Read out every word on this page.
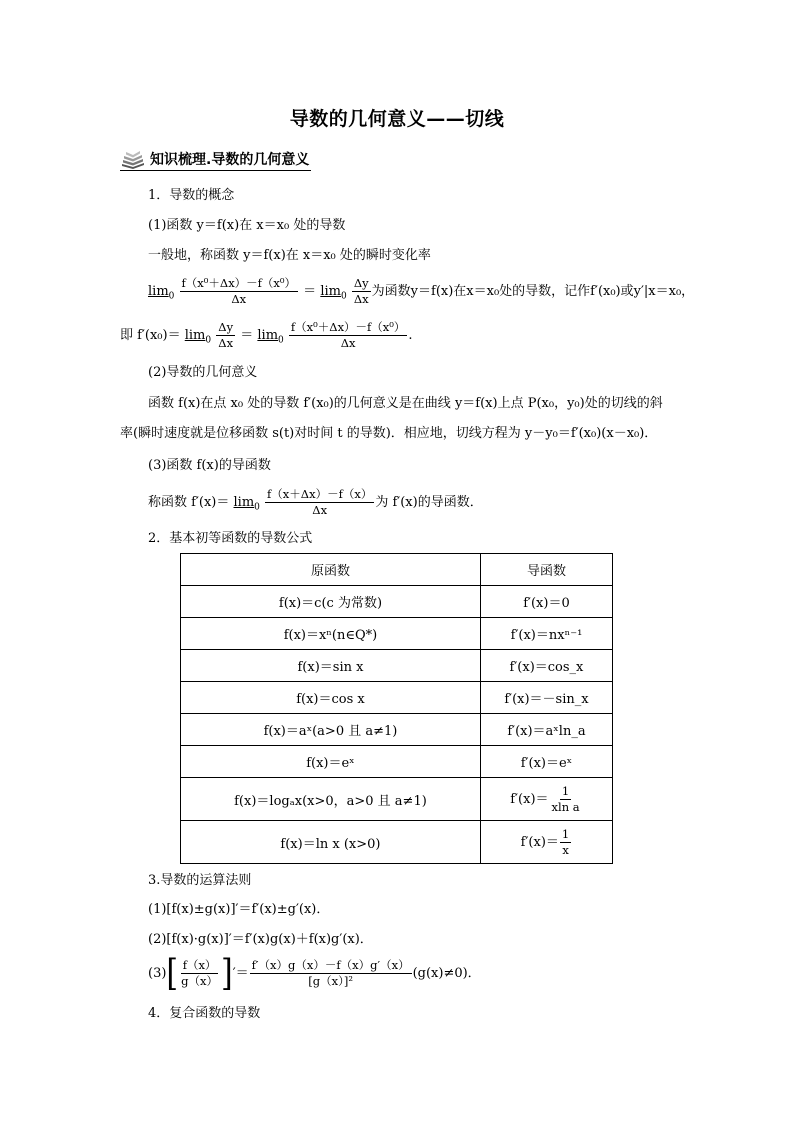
导数的几何意义——切线
知识梳理.导数的几何意义
1．导数的概念
(1)函数 y＝f(x)在 x＝x₀ 处的导数
一般地，称函数 y＝f(x)在 x＝x₀ 处的瞬时变化率
$\lim_0 \frac{\text{f（x⁰＋Δx）－f（x⁰）}}{\Delta x} = \lim_0 \frac{\Delta y}{\Delta x}$ 为函数y＝f(x)在x＝x₀处的导数，记作f′(x₀)或y′|x＝x₀，
即 $f'(x_0)= \lim_0 \frac{\Delta y}{\Delta x} = \lim_0 \frac{\text{f（x⁰＋Δx）－f（x⁰）}}{\Delta x}$ .
(2)导数的几何意义
函数 f(x)在点 x₀ 处的导数 f′(x₀)的几何意义是在曲线 y＝f(x)上点 P(x₀，y₀)处的切线的斜
率(瞬时速度就是位移函数 s(t)对时间 t 的导数)．相应地，切线方程为 y－y₀＝f′(x₀)(x－x₀)．
(3)函数 f(x)的导函数
称函数 $f'(x)= \lim_0 \frac{f(x+\Delta x)-f(x)}{\Delta x}$ 为 f′(x)的导函数．
2．基本初等函数的导数公式
原函数	导函数
f(x)＝c(c 为常数)	f′(x)＝0
f(x)＝xⁿ(n∈Q*)	f′(x)＝nxⁿ⁻¹
f(x)＝sin x	f′(x)＝cos_x
f(x)＝cos x	f′(x)＝－sin_x
f(x)＝aˣ(a>0 且 a≠1)	f′(x)＝aˣln_a
f(x)＝eˣ	f′(x)＝eˣ
f(x)＝logₐx(x>0，a>0 且 a≠1)	$f'(x)= \frac{1}{\text{xln a}}$

f(x)＝ln x (x>0)	$f'(x)= \frac{1}{x}$
3.导数的运算法则
(1)[f(x)±g(x)]′＝f′(x)±g′(x)．
(2)[f(x)·g(x)]′＝f′(x)g(x)＋f(x)g′(x)．
$(3)[ \frac{f(x)}{g(x)}$ ]′＝ $\frac{f'(x)g(x)-f(x)g'(x)}{\text{[g（x）]²}} (g(x)\ne 0)$．
4．复合函数的导数
